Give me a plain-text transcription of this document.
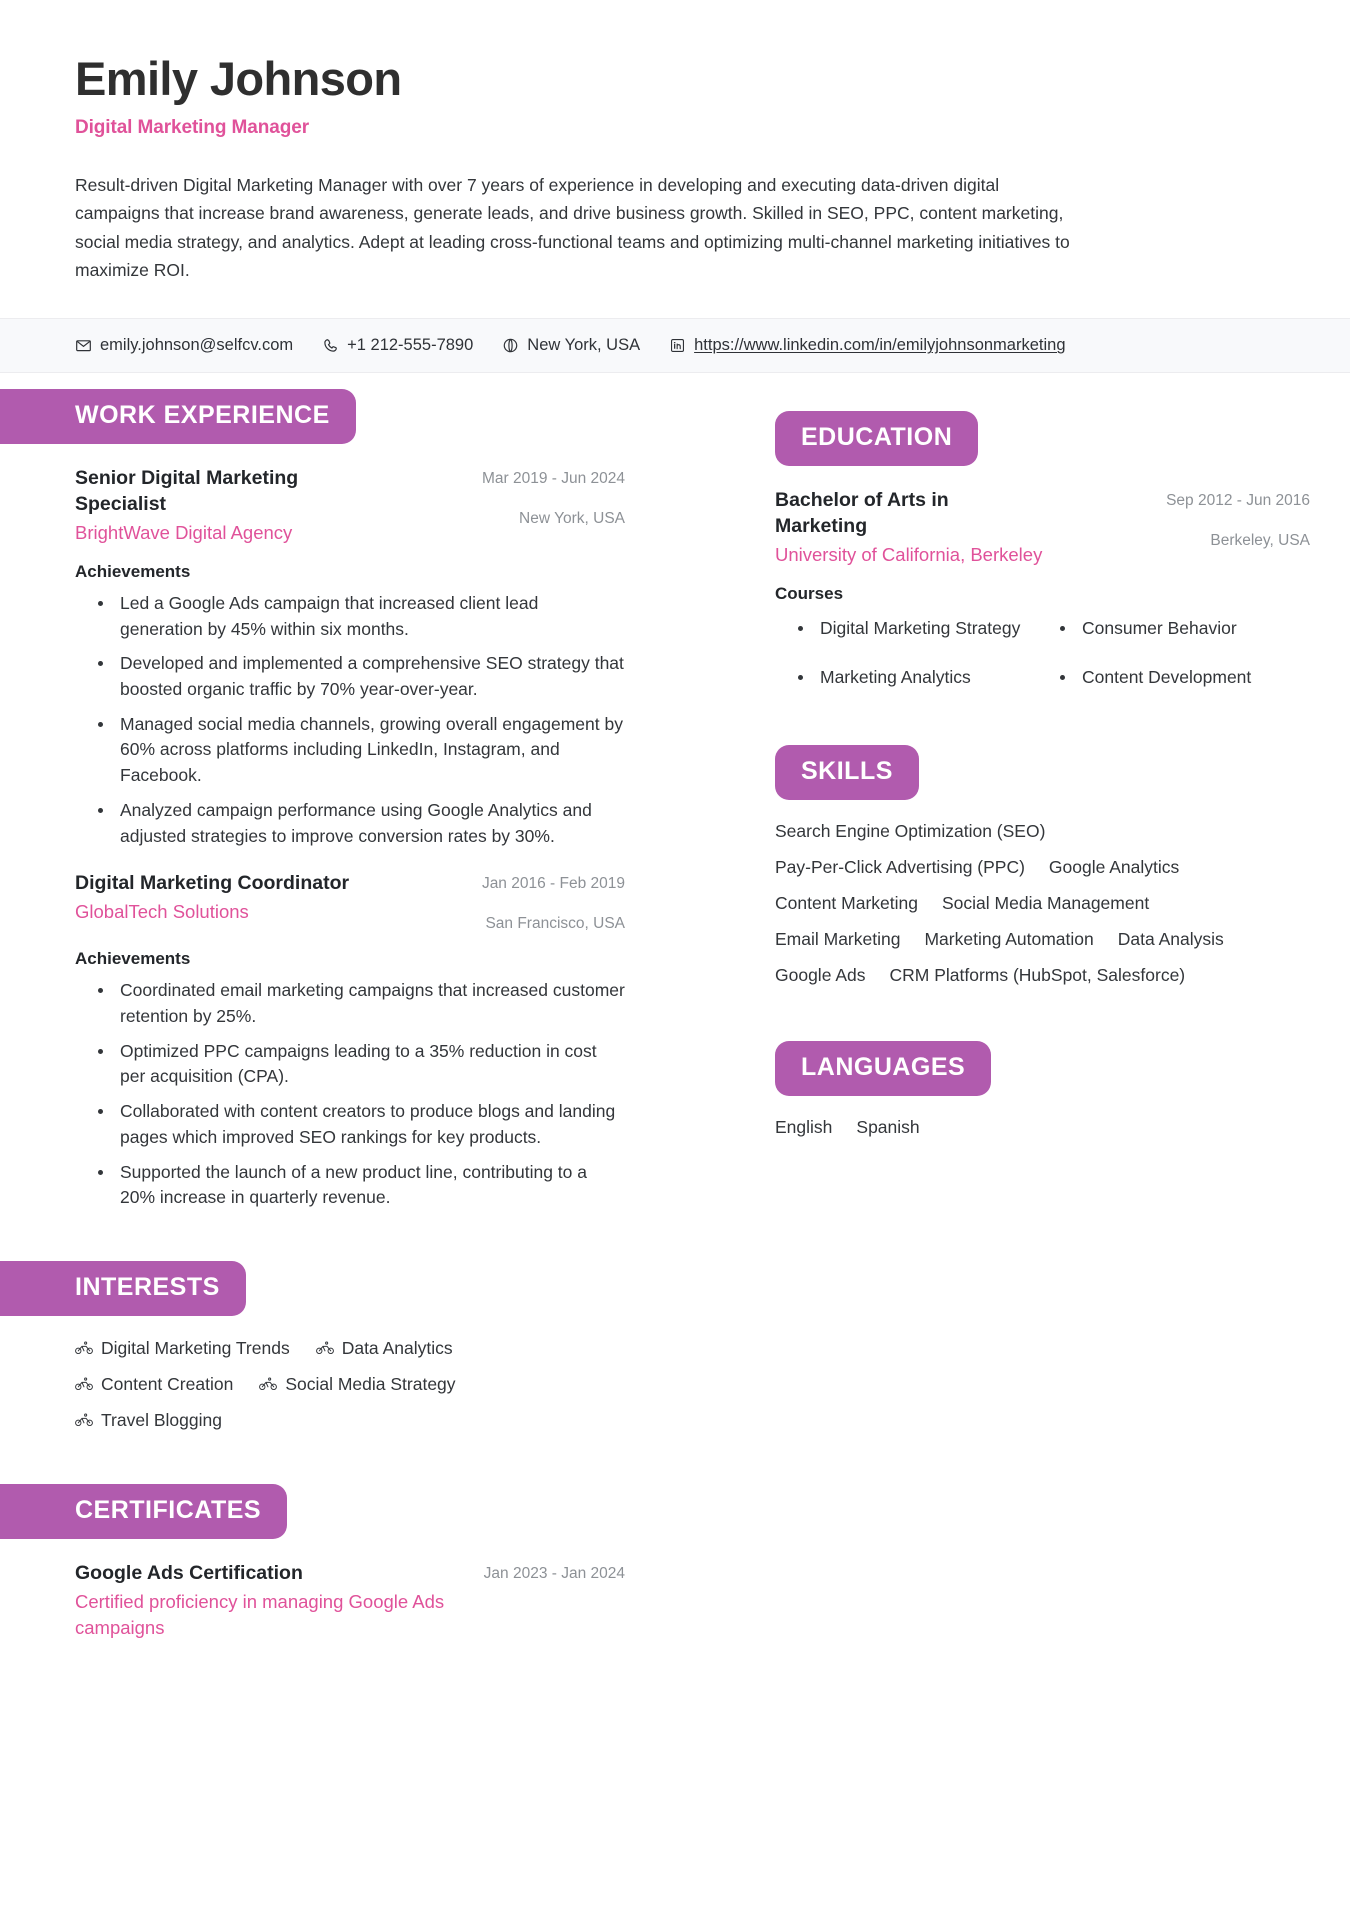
Emily Johnson
Digital Marketing Manager
Result-driven Digital Marketing Manager with over 7 years of experience in developing and executing data-driven digital campaigns that increase brand awareness, generate leads, and drive business growth. Skilled in SEO, PPC, content marketing, social media strategy, and analytics. Adept at leading cross-functional teams and optimizing multi-channel marketing initiatives to maximize ROI.
emily.johnson@selfcv.com	+1 212-555-7890	New York, USA	https://www.linkedin.com/in/emilyjohnsonmarketing
WORK EXPERIENCE
Senior Digital Marketing Specialist
BrightWave Digital Agency
Mar 2019 - Jun 2024
New York, USA
Achievements
Led a Google Ads campaign that increased client lead generation by 45% within six months.
Developed and implemented a comprehensive SEO strategy that boosted organic traffic by 70% year-over-year.
Managed social media channels, growing overall engagement by 60% across platforms including LinkedIn, Instagram, and Facebook.
Analyzed campaign performance using Google Analytics and adjusted strategies to improve conversion rates by 30%.
Digital Marketing Coordinator
GlobalTech Solutions
Jan 2016 - Feb 2019
San Francisco, USA
Achievements
Coordinated email marketing campaigns that increased customer retention by 25%.
Optimized PPC campaigns leading to a 35% reduction in cost per acquisition (CPA).
Collaborated with content creators to produce blogs and landing pages which improved SEO rankings for key products.
Supported the launch of a new product line, contributing to a 20% increase in quarterly revenue.
INTERESTS
Digital Marketing Trends	Data Analytics
Content Creation	Social Media Strategy
Travel Blogging
CERTIFICATES
Google Ads Certification
Certified proficiency in managing Google Ads campaigns
Jan 2023 - Jan 2024
EDUCATION
Bachelor of Arts in Marketing
University of California, Berkeley
Sep 2012 - Jun 2016
Berkeley, USA
Courses
Digital Marketing Strategy	Consumer Behavior
Marketing Analytics	Content Development
SKILLS
Search Engine Optimization (SEO)
Pay-Per-Click Advertising (PPC) Google Analytics
Content Marketing Social Media Management
Email Marketing Marketing Automation Data Analysis
Google Ads CRM Platforms (HubSpot, Salesforce)
LANGUAGES
English Spanish
